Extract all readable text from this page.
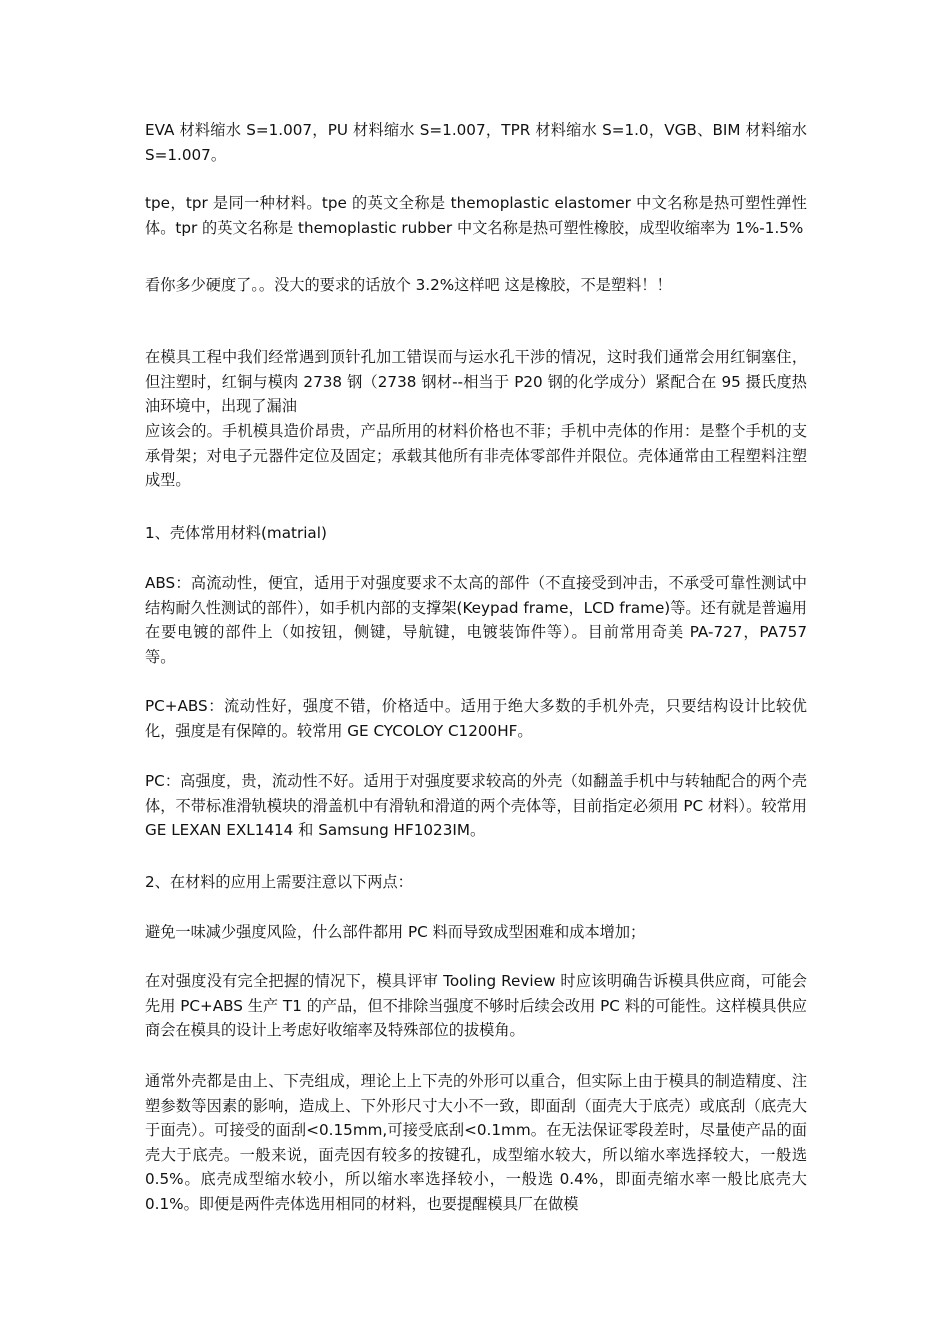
EVA 材料缩水 S=1.007，PU 材料缩水 S=1.007，TPR 材料缩水 S=1.0，VGB、BIM 材料缩水 S=1.007。

tpe，tpr 是同一种材料。tpe 的英文全称是 themoplastic elastomer 中文名称是热可塑性弹性体。tpr 的英文名称是 themoplastic rubber 中文名称是热可塑性橡胶，成型收缩率为 1%-1.5%

看你多少硬度了。。没大的要求的话放个 3.2%这样吧 这是橡胶，不是塑料！！

在模具工程中我们经常遇到顶针孔加工错误而与运水孔干涉的情况，这时我们通常会用红铜塞住，但注塑时，红铜与模肉 2738 钢（2738 钢材--相当于 P20 钢的化学成分）紧配合在 95 摄氏度热油环境中，出现了漏油

应该会的。手机模具造价昂贵，产品所用的材料价格也不菲；手机中壳体的作用：是整个手机的支承骨架；对电子元器件定位及固定；承载其他所有非壳体零部件并限位。壳体通常由工程塑料注塑成型。

1、壳体常用材料(matrial)

ABS：高流动性，便宜，适用于对强度要求不太高的部件（不直接受到冲击，不承受可靠性测试中结构耐久性测试的部件），如手机内部的支撑架(Keypad frame，LCD frame)等。还有就是普遍用在要电镀的部件上（如按钮，侧键，导航键，电镀装饰件等）。目前常用奇美 PA-727，PA757 等。

PC+ABS：流动性好，强度不错，价格适中。适用于绝大多数的手机外壳，只要结构设计比较优化，强度是有保障的。较常用 GE CYCOLOY C1200HF。

PC：高强度，贵，流动性不好。适用于对强度要求较高的外壳（如翻盖手机中与转轴配合的两个壳体，不带标准滑轨模块的滑盖机中有滑轨和滑道的两个壳体等，目前指定必须用 PC 材料）。较常用 GE LEXAN EXL1414 和 Samsung HF1023IM。

2、在材料的应用上需要注意以下两点：

避免一味减少强度风险，什么部件都用 PC 料而导致成型困难和成本增加；

在对强度没有完全把握的情况下，模具评审 Tooling Review 时应该明确告诉模具供应商，可能会先用 PC+ABS 生产 T1 的产品，但不排除当强度不够时后续会改用 PC 料的可能性。这样模具供应商会在模具的设计上考虑好收缩率及特殊部位的拔模角。

通常外壳都是由上、下壳组成，理论上上下壳的外形可以重合，但实际上由于模具的制造精度、注塑参数等因素的影响，造成上、下外形尺寸大小不一致，即面刮（面壳大于底壳）或底刮（底壳大于面壳）。可接受的面刮<0.15mm,可接受底刮<0.1mm。在无法保证零段差时，尽量使产品的面壳大于底壳。一般来说，面壳因有较多的按键孔，成型缩水较大，所以缩水率选择较大，一般选 0.5%。底壳成型缩水较小，所以缩水率选择较小，一般选 0.4%，即面壳缩水率一般比底壳大 0.1%。即便是两件壳体选用相同的材料，也要提醒模具厂在做模
